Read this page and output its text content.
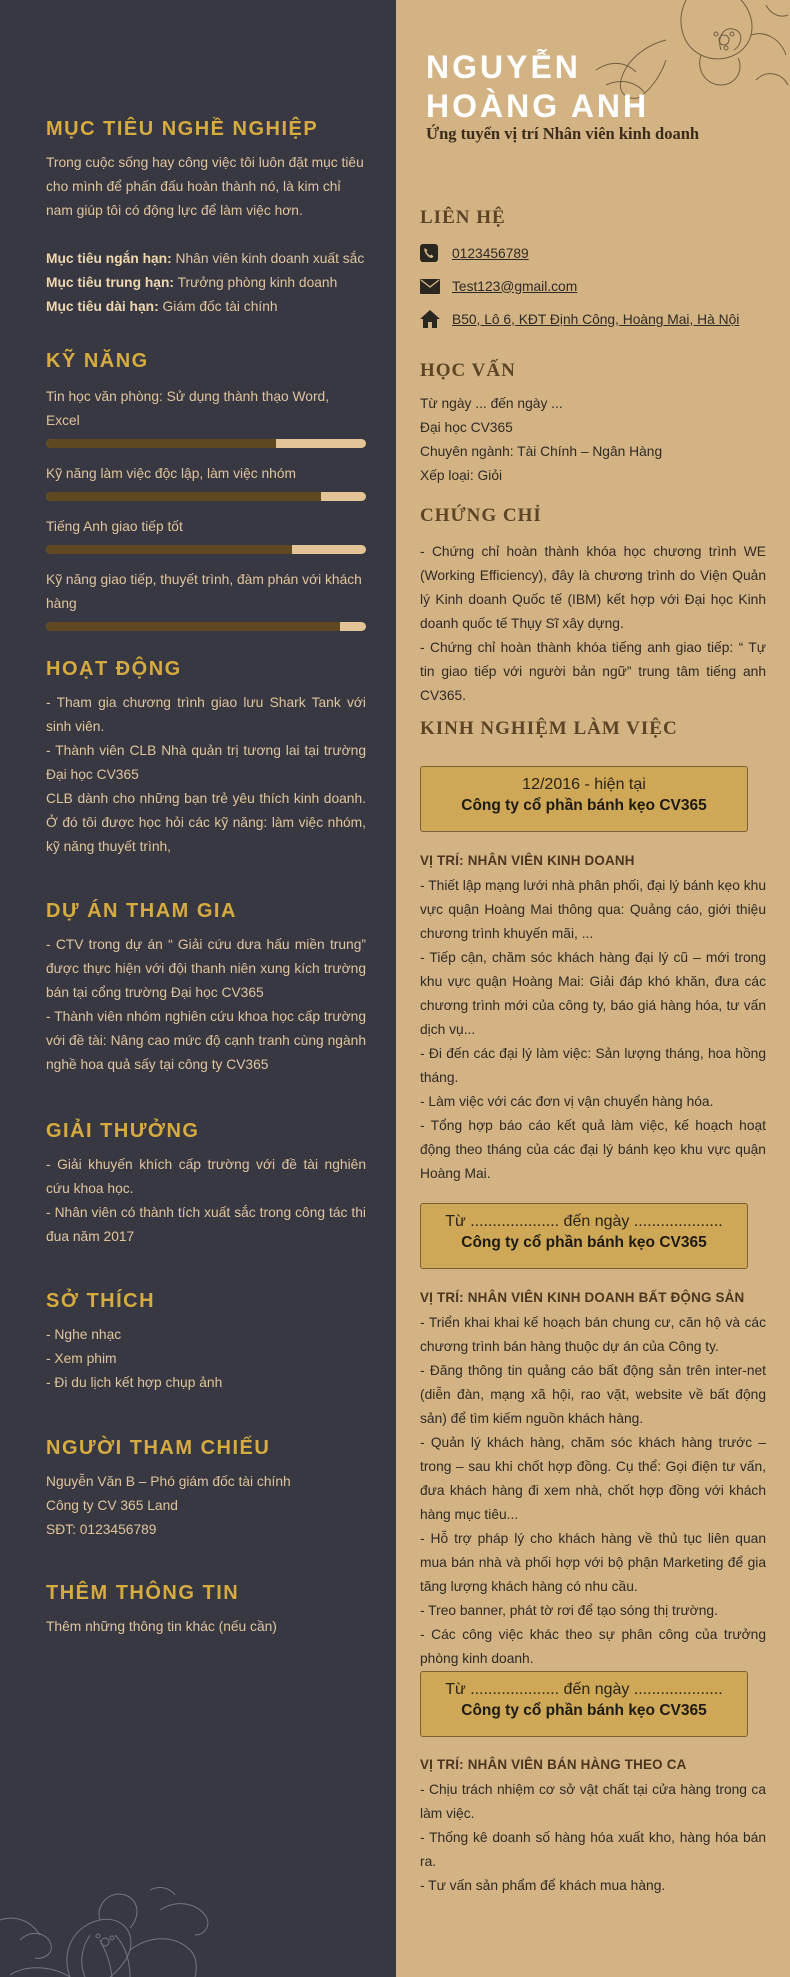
MỤC TIÊU NGHỀ NGHIỆP

Trong cuộc sống hay công việc tôi luôn đặt mục tiêu cho mình để phấn đấu hoàn thành nó, là kim chỉ nam giúp tôi có động lực để làm việc hơn.

Mục tiêu ngắn hạn: Nhân viên kinh doanh xuất sắc

Mục tiêu trung hạn: Trưởng phòng kinh doanh

Mục tiêu dài hạn: Giám đốc tài chính

KỸ NĂNG

Tin học văn phòng: Sử dụng thành thạo Word, Excel

Kỹ năng làm việc độc lập, làm việc nhóm

Tiếng Anh giao tiếp tốt

Kỹ năng giao tiếp, thuyết trình, đàm phán với khách hàng

HOẠT ĐỘNG

- Tham gia chương trình giao lưu Shark Tank với sinh viên.

- Thành viên CLB Nhà quản trị tương lai tại trường Đại học CV365

CLB dành cho những bạn trẻ yêu thích kinh doanh. Ở đó tôi được học hỏi các kỹ năng: làm việc nhóm, kỹ năng thuyết trình,

DỰ ÁN THAM GIA

- CTV trong dự án “ Giải cứu dưa hấu miền trung” được thực hiện với đội thanh niên xung kích trường bán tại cổng trường Đại học CV365

- Thành viên nhóm nghiên cứu khoa học cấp trường với đề tài: Nâng cao mức độ cạnh tranh cùng ngành nghề hoa quả sấy tại công ty CV365

GIẢI THƯỞNG

- Giải khuyến khích cấp trường với đề tài nghiên cứu khoa học.

- Nhân viên có thành tích xuất sắc trong công tác thi đua năm 2017

SỞ THÍCH

- Nghe nhạc

- Xem phim

- Đi du lịch kết hợp chụp ảnh

NGƯỜI THAM CHIẾU

Nguyễn Văn B – Phó giám đốc tài chính

Công ty CV 365 Land

SĐT: 0123456789

THÊM THÔNG TIN

Thêm những thông tin khác (nếu cần)

NGUYỄN
HOÀNG ANH
Ứng tuyển vị trí Nhân viên kinh doanh
LIÊN HỆ
0123456789
Test123@gmail.com
B50, Lô 6, KĐT Định Công, Hoàng Mai, Hà Nội
HỌC VẤN

Từ ngày ... đến ngày ...

Đại học CV365

Chuyên ngành: Tài Chính – Ngân Hàng

Xếp loại: Giỏi

CHỨNG CHỈ

- Chứng chỉ hoàn thành khóa học chương trình WE (Working Efficiency), đây là chương trình do Viện Quản lý Kinh doanh Quốc tế (IBM) kết hợp với Đại học Kinh doanh quốc tế Thụy Sĩ xây dựng.

- Chứng chỉ hoàn thành khóa tiếng anh giao tiếp: “ Tự tin giao tiếp với người bản ngữ” trung tâm tiếng anh CV365.

KINH NGHIỆM LÀM VIỆC
12/2016 - hiện tại
Công ty cổ phần bánh kẹo CV365
VỊ TRÍ: NHÂN VIÊN KINH DOANH

- Thiết lập mạng lưới nhà phân phối, đại lý bánh kẹo khu vực quận Hoàng Mai thông qua: Quảng cáo, giới thiệu chương trình khuyến mãi, ...

- Tiếp cận, chăm sóc khách hàng đại lý cũ – mới trong khu vực quận Hoàng Mai: Giải đáp khó khăn, đưa các chương trình mới của công ty, báo giá hàng hóa, tư vấn dịch vụ...

- Đi đến các đại lý làm việc: Sản lượng tháng, hoa hồng tháng.

- Làm việc với các đơn vị vận chuyển hàng hóa.

- Tổng hợp báo cáo kết quả làm việc, kế hoạch hoạt động theo tháng của các đại lý bánh kẹo khu vực quận Hoàng Mai.

Từ .................... đến ngày ....................
Công ty cổ phần bánh kẹo CV365
VỊ TRÍ: NHÂN VIÊN KINH DOANH BẤT ĐỘNG SẢN

- Triển khai khai kế hoạch bán chung cư, căn hộ và các chương trình bán hàng thuộc dự án của Công ty.

- Đăng thông tin quảng cáo bất động sản trên inter-net (diễn đàn, mạng xã hội, rao vặt, website về bất động sản) để tìm kiếm nguồn khách hàng.

- Quản lý khách hàng, chăm sóc khách hàng trước – trong – sau khi chốt hợp đồng. Cụ thể: Gọi điện tư vấn, đưa khách hàng đi xem nhà, chốt hợp đồng với khách hàng mục tiêu...

- Hỗ trợ pháp lý cho khách hàng về thủ tục liên quan mua bán nhà và phối hợp với bộ phận Marketing để gia tăng lượng khách hàng có nhu cầu.

- Treo banner, phát tờ rơi để tạo sóng thị trường.

- Các công việc khác theo sự phân công của trưởng phòng kinh doanh.

Từ .................... đến ngày ....................
Công ty cổ phần bánh kẹo CV365
VỊ TRÍ: NHÂN VIÊN BÁN HÀNG THEO CA

- Chịu trách nhiệm cơ sở vật chất tại cửa hàng trong ca làm việc.

- Thống kê doanh số hàng hóa xuất kho, hàng hóa bán ra.

- Tư vấn sản phẩm để khách mua hàng.
